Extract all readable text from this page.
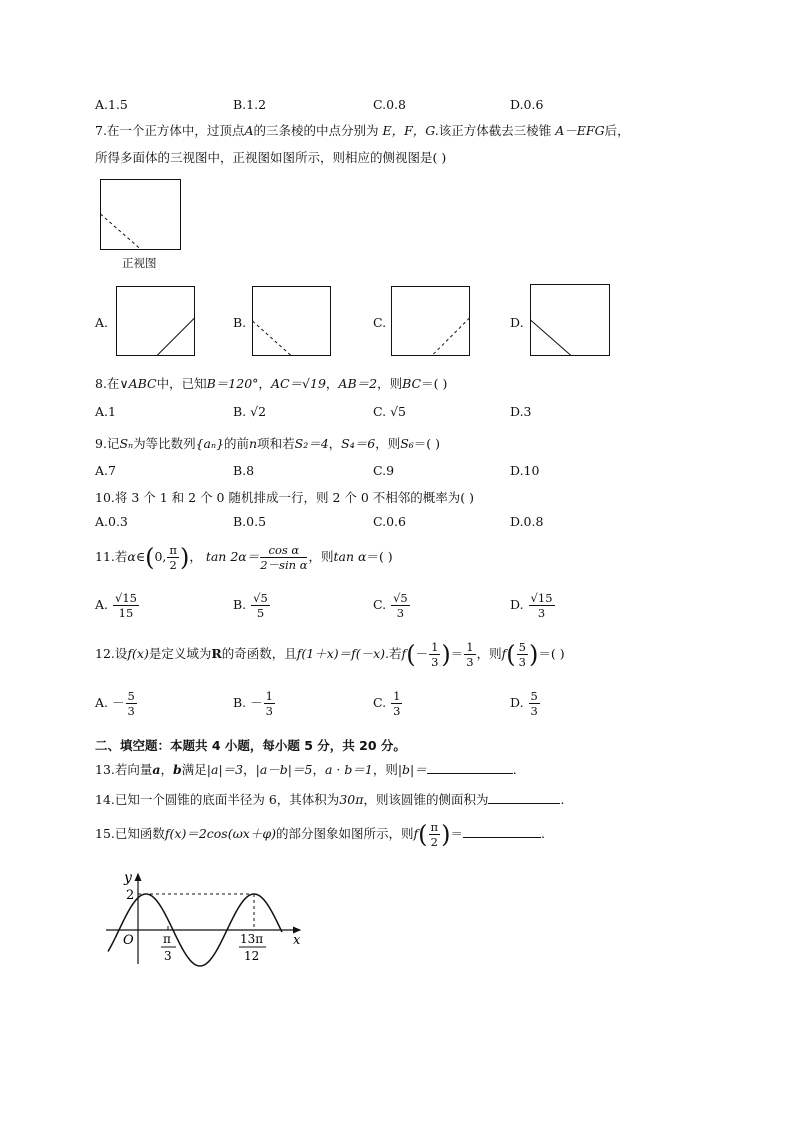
A.1.5	B.1.2	C.0.8	D.0.6
7.在一个正方体中，过顶点A的三条棱的中点分别为 E，F，G.该正方体截去三棱锥 A－EFG后，
所得多面体的三视图中，正视图如图所示，则相应的侧视图是( )
正视图
A.	B.	C.	D.
8.在∨ABC中，已知B＝120°，AC＝√19，AB＝2，则BC＝( )
A.1	B. √2	C. √5	D.3
9.记Sₙ为等比数列{aₙ}的前n项和若S₂＝4，S₄＝6，则S₆＝( )
A.7	B.8	C.9	D.10
10.将 3 个 1 和 2 个 0 随机排成一行，则 2 个 0 不相邻的概率为( )
A.0.3	B.0.5	C.0.6	D.0.8
11.若α∈(0, $\frac{\pi}{2}$ )， $\tan 2\alpha= \frac{\text{cos α}}{\text{2－sin α}}$ ，则tan α＝( )
A. $\frac{√15}{15}$	B. $\frac{√5}{5}$	C. $\frac{√5}{3}$	D. $\frac{√15}{3}$
12.设f(x)是定义域为R的奇函数，且f(1＋x)＝f(－x).若$f(- \frac{1}{3}$ )＝ $\frac{1}{3}$ ，则$f( \frac{5}{3}$ )＝( )
A. － $\frac{5}{3}$	B. － $\frac{1}{3}$	C. $\frac{1}{3}$	D. $\frac{5}{3}$
二、填空题：本题共 4 小题，每小题 5 分，共 20 分。
13.若向量a，b满足|a|＝3，|a－b|＝5，a · b＝1，则|b|＝	.
14.已知一个圆锥的底面半径为 6，其体积为30π，则该圆锥的侧面积为	.
15.已知函数f(x)＝2cos(ωx＋φ)的部分图象如图所示，则$f( \frac{\pi}{2}$ )＝	.
y
x
O
2
π
3
13π
12
